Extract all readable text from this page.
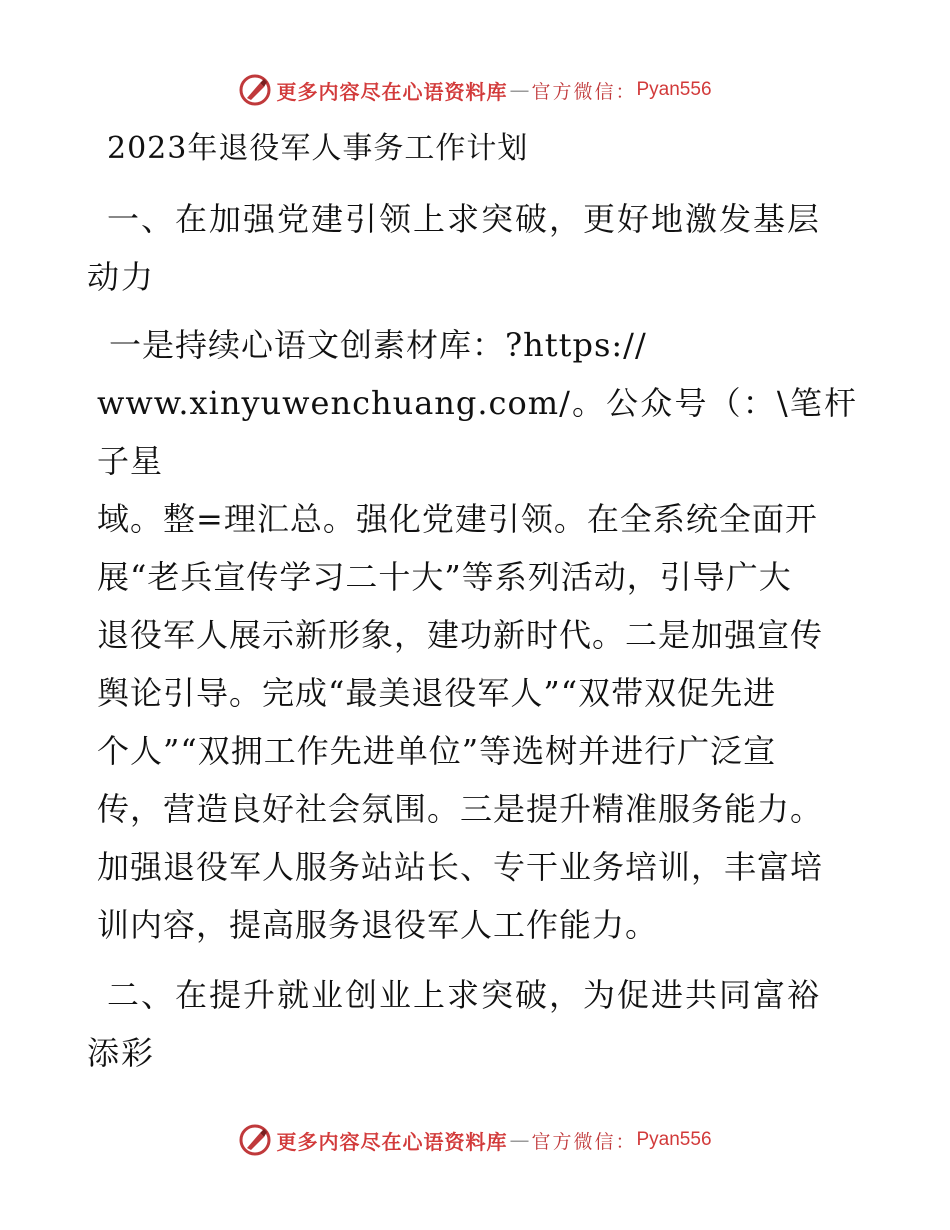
更多内容尽在心语资料库 — 官方微信： Pyan556
2023年退役军人事务工作计划
一、在加强党建引领上求突破，更好地激发基层
动力
一是持续心语文创素材库：?https://
www.xinyuwenchuang.com/。公众号（：\笔杆子星
域。整=理汇总。强化党建引领。在全系统全面开
展“老兵宣传学习二十大”等系列活动，引导广大
退役军人展示新形象，建功新时代。二是加强宣传
舆论引导。完成“最美退役军人”“双带双促先进
个人”“双拥工作先进单位”等选树并进行广泛宣
传，营造良好社会氛围。三是提升精准服务能力。
加强退役军人服务站站长、专干业务培训，丰富培
训内容，提高服务退役军人工作能力。
二、在提升就业创业上求突破，为促进共同富裕
添彩
更多内容尽在心语资料库 — 官方微信： Pyan556
